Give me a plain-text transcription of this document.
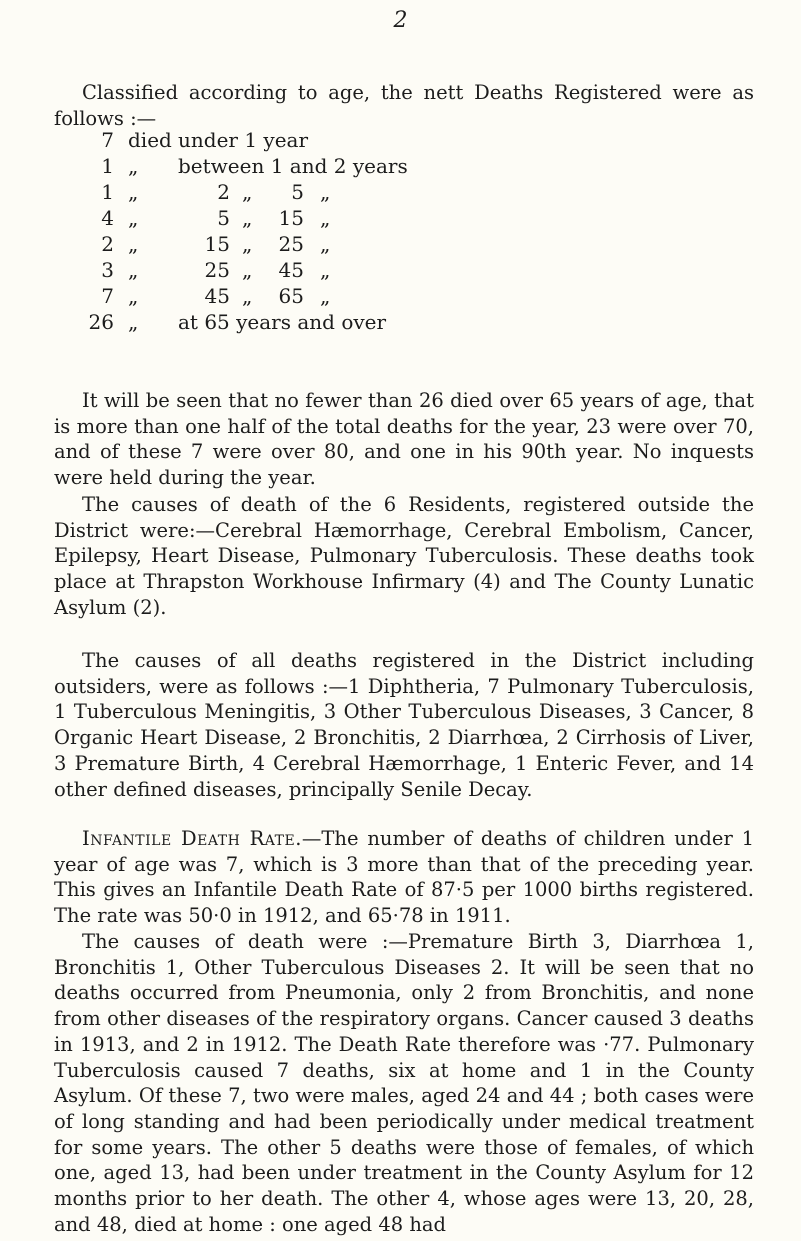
2

Classified according to age, the nett Deaths Registered were as follows :—

7 died under 1 year
1 „ between 1 and 2 years
1 „	2 „	5 „
4 „	5 „	15 „
2 „	15 „	25 „
3 „	25 „	45 „
7 „	45 „	65 „
26 „ at 65 years and over

It will be seen that no fewer than 26 died over 65 years of age, that is more than one half of the total deaths for the year, 23 were over 70, and of these 7 were over 80, and one in his 90th year. No inquests were held during the year.

The causes of death of the 6 Residents, registered outside the District were:—Cerebral Hæmorrhage, Cerebral Embolism, Cancer, Epilepsy, Heart Disease, Pulmonary Tuberculosis. These deaths took place at Thrapston Workhouse Infirmary (4) and The County Lunatic Asylum (2).

The causes of all deaths registered in the District including outsiders, were as follows :—1 Diphtheria, 7 Pulmonary Tuberculosis, 1 Tuberculous Meningitis, 3 Other Tuberculous Diseases, 3 Cancer, 8 Organic Heart Disease, 2 Bronchitis, 2 Diarrhœa, 2 Cirrhosis of Liver, 3 Premature Birth, 4 Cerebral Hæmorrhage, 1 Enteric Fever, and 14 other defined diseases, principally Senile Decay.

Infantile Death Rate.—The number of deaths of children under 1 year of age was 7, which is 3 more than that of the preceding year. This gives an Infantile Death Rate of 87·5 per 1000 births registered. The rate was 50·0 in 1912, and 65·78 in 1911.

The causes of death were :—Premature Birth 3, Diarrhœa 1, Bronchitis 1, Other Tuberculous Diseases 2. It will be seen that no deaths occurred from Pneumonia, only 2 from Bronchitis, and none from other diseases of the respiratory organs. Cancer caused 3 deaths in 1913, and 2 in 1912. The Death Rate therefore was ·77. Pulmonary Tuberculosis caused 7 deaths, six at home and 1 in the County Asylum. Of these 7, two were males, aged 24 and 44 ; both cases were of long standing and had been periodically under medical treatment for some years. The other 5 deaths were those of females, of which one, aged 13, had been under treatment in the County Asylum for 12 months prior to her death. The other 4, whose ages were 13, 20, 28, and 48, died at home : one aged 48 had
